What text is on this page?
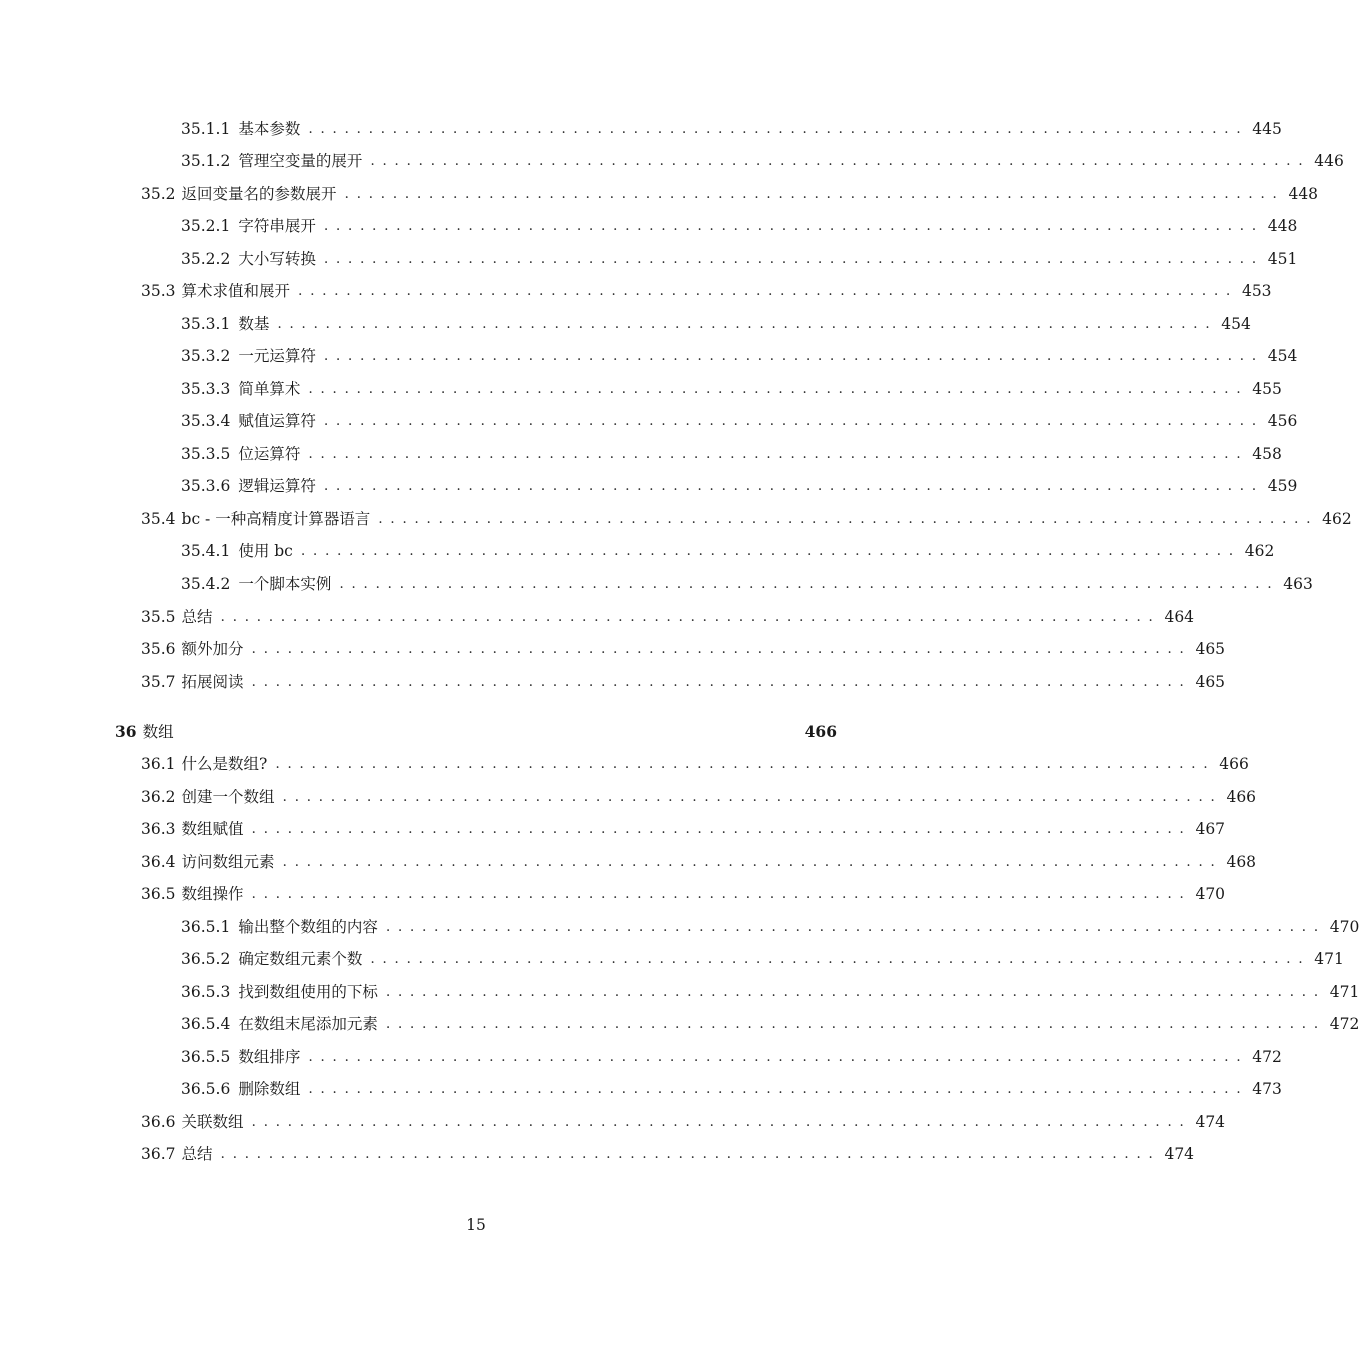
35.1.1 基本参数 .............................................................................. 445
35.1.2 管理空变量的展开 .............................................................................. 446
35.2 返回变量名的参数展开 .............................................................................. 448
35.2.1 字符串展开 .............................................................................. 448
35.2.2 大小写转换 .............................................................................. 451
35.3 算术求值和展开 .............................................................................. 453
35.3.1 数基 .............................................................................. 454
35.3.2 一元运算符 .............................................................................. 454
35.3.3 简单算术 .............................................................................. 455
35.3.4 赋值运算符 .............................................................................. 456
35.3.5 位运算符 .............................................................................. 458
35.3.6 逻辑运算符 .............................................................................. 459
35.4 bc - 一种高精度计算器语言 .............................................................................. 462
35.4.1 使用 bc .............................................................................. 462
35.4.2 一个脚本实例 .............................................................................. 463
35.5 总结 .............................................................................. 464
35.6 额外加分 .............................................................................. 465
35.7 拓展阅读 .............................................................................. 465
36 数组	466
36.1 什么是数组? .............................................................................. 466
36.2 创建一个数组 .............................................................................. 466
36.3 数组赋值 .............................................................................. 467
36.4 访问数组元素 .............................................................................. 468
36.5 数组操作 .............................................................................. 470
36.5.1 输出整个数组的内容 .............................................................................. 470
36.5.2 确定数组元素个数 .............................................................................. 471
36.5.3 找到数组使用的下标 .............................................................................. 471
36.5.4 在数组末尾添加元素 .............................................................................. 472
36.5.5 数组排序 .............................................................................. 472
36.5.6 删除数组 .............................................................................. 473
36.6 关联数组 .............................................................................. 474
36.7 总结 .............................................................................. 474
15
